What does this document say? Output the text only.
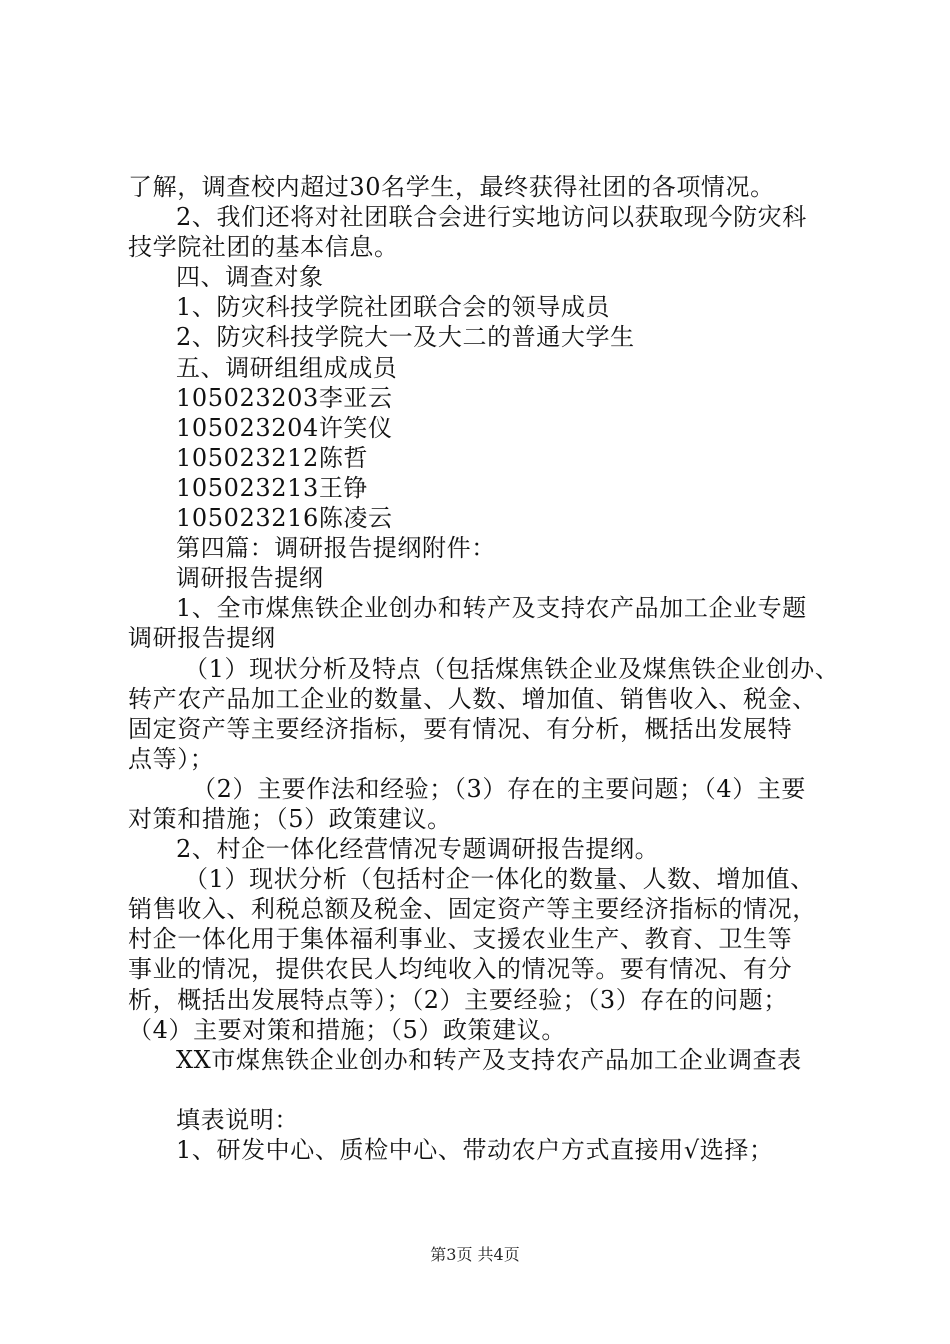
了解，调查校内超过30名学生，最终获得社团的各项情况。
2、我们还将对社团联合会进行实地访问以获取现今防灾科
技学院社团的基本信息。
四、调查对象
1、防灾科技学院社团联合会的领导成员
2、防灾科技学院大一及大二的普通大学生
五、调研组组成成员
105023203李亚云
105023204许笑仪
105023212陈哲
105023213王铮
105023216陈凌云
第四篇：调研报告提纲附件：
调研报告提纲
1、全市煤焦铁企业创办和转产及支持农产品加工企业专题
调研报告提纲
（1）现状分析及特点（包括煤焦铁企业及煤焦铁企业创办、
转产农产品加工企业的数量、人数、增加值、销售收入、税金、
固定资产等主要经济指标，要有情况、有分析，概括出发展特
点等）；
（2）主要作法和经验；（3）存在的主要问题；（4）主要
对策和措施；（5）政策建议。
2、村企一体化经营情况专题调研报告提纲。
（1）现状分析（包括村企一体化的数量、人数、增加值、
销售收入、利税总额及税金、固定资产等主要经济指标的情况，
村企一体化用于集体福利事业、支援农业生产、教育、卫生等
事业的情况，提供农民人均纯收入的情况等。要有情况、有分
析，概括出发展特点等）；（2）主要经验；（3）存在的问题；
（4）主要对策和措施；（5）政策建议。
XX市煤焦铁企业创办和转产及支持农产品加工企业调查表
填表说明：
1、研发中心、质检中心、带动农户方式直接用√选择；
第3页 共4页
